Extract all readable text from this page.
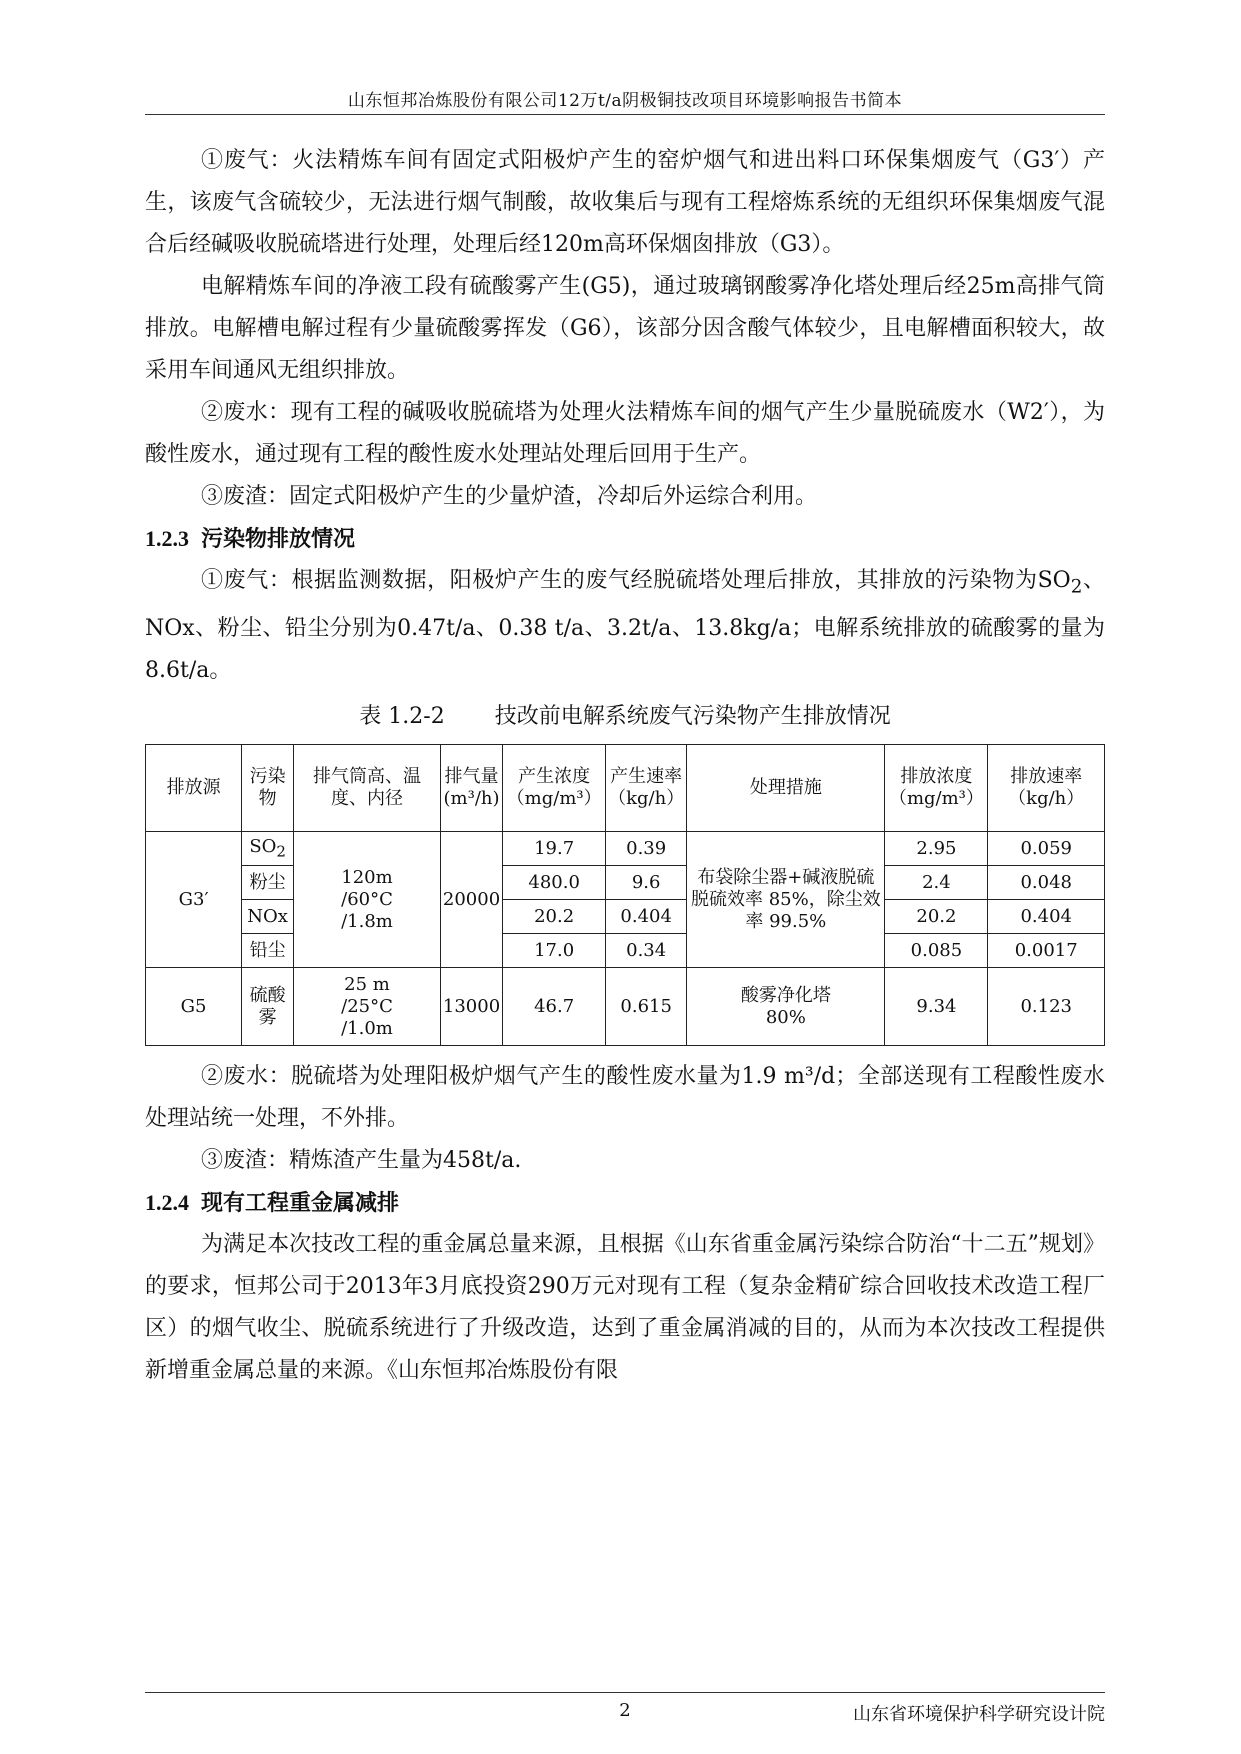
山东恒邦冶炼股份有限公司12万t/a阴极铜技改项目环境影响报告书简本

①废气：火法精炼车间有固定式阳极炉产生的窑炉烟气和进出料口环保集烟废气（G3′）产生，该废气含硫较少，无法进行烟气制酸，故收集后与现有工程熔炼系统的无组织环保集烟废气混合后经碱吸收脱硫塔进行处理，处理后经120m高环保烟囱排放（G3）。

电解精炼车间的净液工段有硫酸雾产生(G5)，通过玻璃钢酸雾净化塔处理后经25m高排气筒排放。电解槽电解过程有少量硫酸雾挥发（G6），该部分因含酸气体较少，且电解槽面积较大，故采用车间通风无组织排放。

②废水：现有工程的碱吸收脱硫塔为处理火法精炼车间的烟气产生少量脱硫废水（W2′），为酸性废水，通过现有工程的酸性废水处理站处理后回用于生产。

③废渣：固定式阳极炉产生的少量炉渣，冷却后外运综合利用。

1.2.3 污染物排放情况

①废气：根据监测数据，阳极炉产生的废气经脱硫塔处理后排放，其排放的污染物为$SO_2$、NOx、粉尘、铅尘分别为0.47t/a、0.38 t/a、3.2t/a、13.8kg/a；电解系统排放的硫酸雾的量为8.6t/a。

表 1.2-2 技改前电解系统废气污染物产生排放情况
排放源	污染物	排气筒高、温度、内径	排气量(m³/h)	产生浓度（mg/m³）	产生速率（kg/h）	处理措施	排放浓度（mg/m³）	排放速率（kg/h）
G3′	$SO_2$	120m
/60°C
/1.8m	20000	19.7	0.39	布袋除尘器+碱液脱硫
脱硫效率 85%，除尘效率 99.5%	2.95	0.059
	粉尘			480.0	9.6		2.4	0.048
	NOx			20.2	0.404		20.2	0.404
	铅尘			17.0	0.34		0.085	0.0017
G5	硫酸雾	25 m
/25°C
/1.0m	13000	46.7	0.615	酸雾净化塔
80%	9.34	0.123

②废水：脱硫塔为处理阳极炉烟气产生的酸性废水量为1.9 m³/d；全部送现有工程酸性废水处理站统一处理，不外排。

③废渣：精炼渣产生量为458t/a.

1.2.4 现有工程重金属减排

为满足本次技改工程的重金属总量来源，且根据《山东省重金属污染综合防治“十二五”规划》的要求，恒邦公司于2013年3月底投资290万元对现有工程（复杂金精矿综合回收技术改造工程厂区）的烟气收尘、脱硫系统进行了升级改造，达到了重金属消减的目的，从而为本次技改工程提供新增重金属总量的来源。《山东恒邦冶炼股份有限

2	山东省环境保护科学研究设计院
